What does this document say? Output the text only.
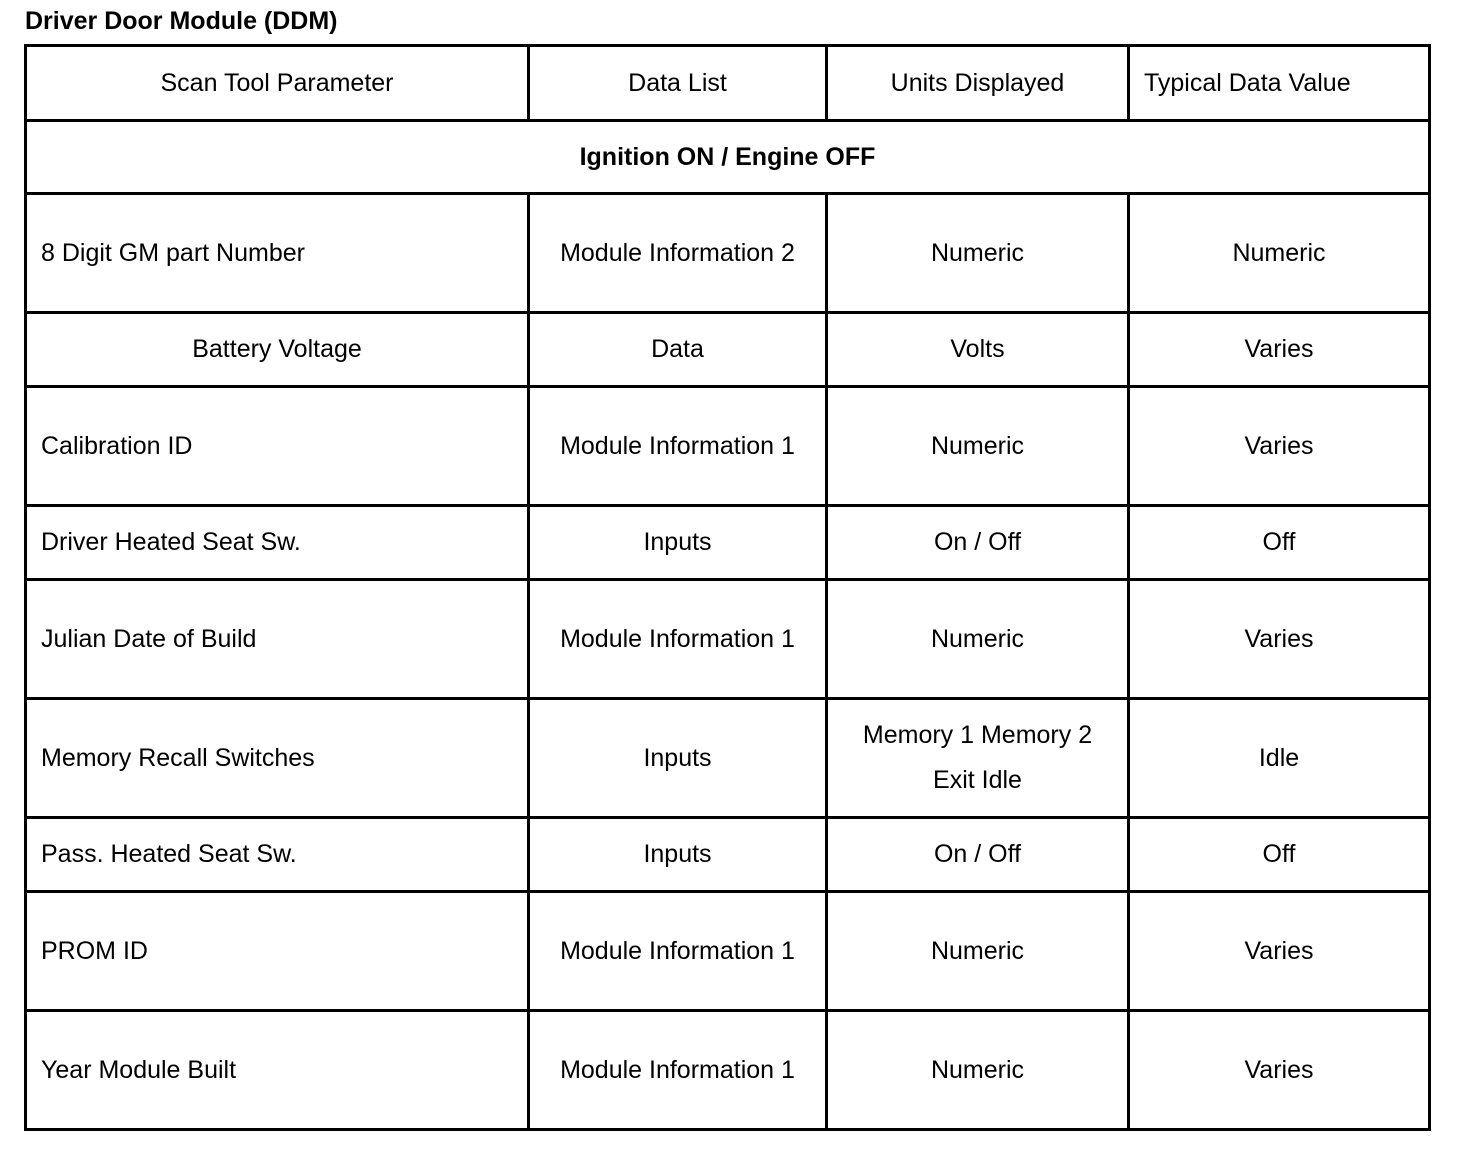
Driver Door Module (DDM)
Scan Tool Parameter	Data List	Units Displayed	Typical Data Value
Ignition ON / Engine OFF			
8 Digit GM part Number	Module Information 2	Numeric	Numeric
Battery Voltage	Data	Volts	Varies
Calibration ID	Module Information 1	Numeric	Varies
Driver Heated Seat Sw.	Inputs	On / Off	Off
Julian Date of Build	Module Information 1	Numeric	Varies
Memory Recall Switches	Inputs	Memory 1 Memory 2 Exit Idle	Idle
Pass. Heated Seat Sw.	Inputs	On / Off	Off
PROM ID	Module Information 1	Numeric	Varies
Year Module Built	Module Information 1	Numeric	Varies
